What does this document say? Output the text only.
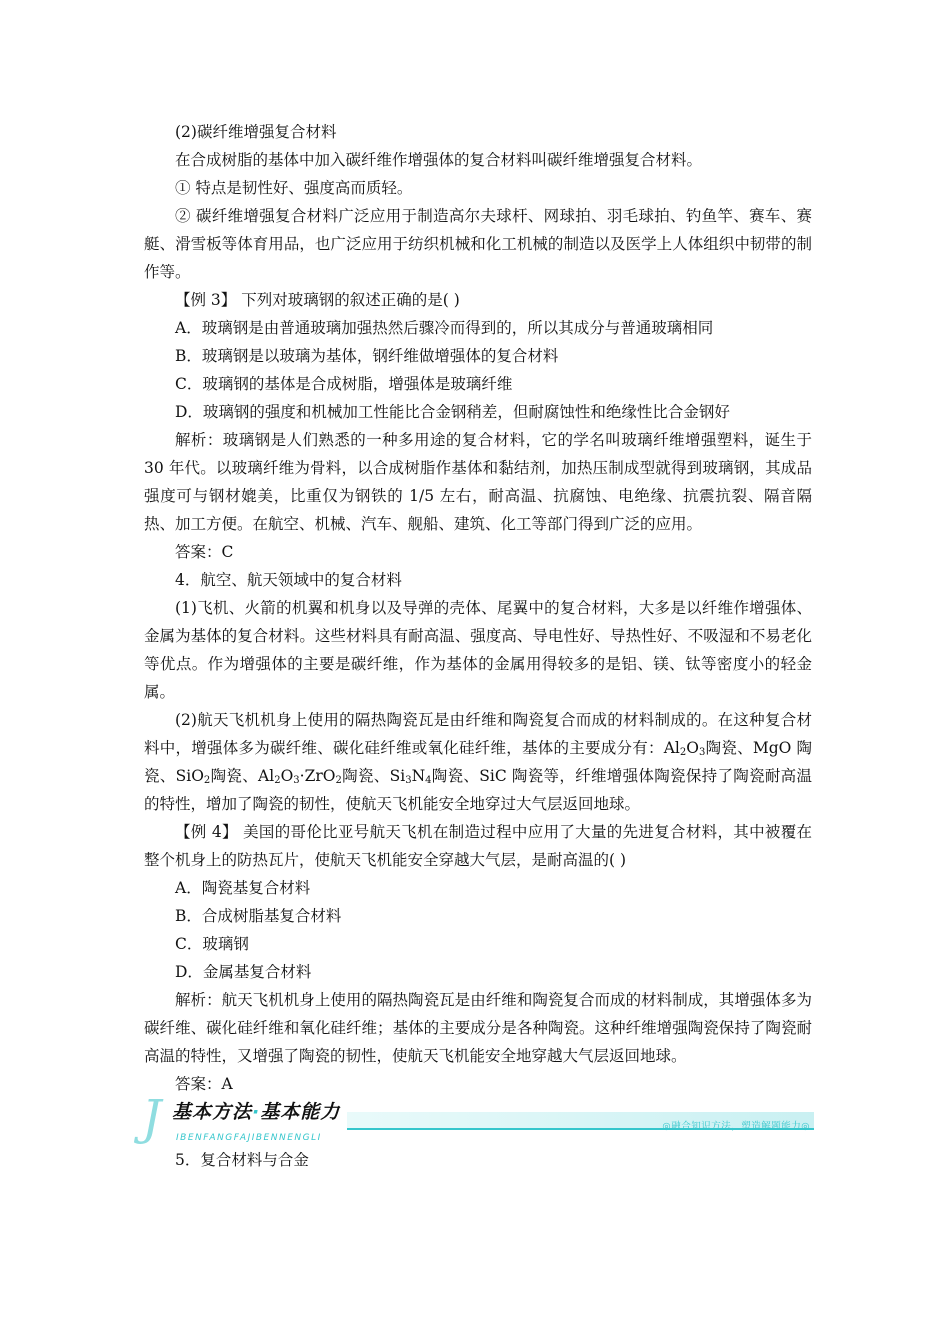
(2)碳纤维增强复合材料

在合成树脂的基体中加入碳纤维作增强体的复合材料叫碳纤维增强复合材料。

① 特点是韧性好、强度高而质轻。

② 碳纤维增强复合材料广泛应用于制造高尔夫球杆、网球拍、羽毛球拍、钓鱼竿、赛车、赛艇、滑雪板等体育用品，也广泛应用于纺织机械和化工机械的制造以及医学上人体组织中韧带的制作等。

【例 3】 下列对玻璃钢的叙述正确的是( )

A．玻璃钢是由普通玻璃加强热然后骤冷而得到的，所以其成分与普通玻璃相同

B．玻璃钢是以玻璃为基体，钢纤维做增强体的复合材料

C．玻璃钢的基体是合成树脂，增强体是玻璃纤维

D．玻璃钢的强度和机械加工性能比合金钢稍差，但耐腐蚀性和绝缘性比合金钢好

解析：玻璃钢是人们熟悉的一种多用途的复合材料，它的学名叫玻璃纤维增强塑料，诞生于 30 年代。以玻璃纤维为骨料，以合成树脂作基体和黏结剂，加热压制成型就得到玻璃钢，其成品强度可与钢材媲美，比重仅为钢铁的 1/5 左右，耐高温、抗腐蚀、电绝缘、抗震抗裂、隔音隔热、加工方便。在航空、机械、汽车、舰船、建筑、化工等部门得到广泛的应用。

答案：C

4．航空、航天领域中的复合材料

(1)飞机、火箭的机翼和机身以及导弹的壳体、尾翼中的复合材料，大多是以纤维作增强体、金属为基体的复合材料。这些材料具有耐高温、强度高、导电性好、导热性好、不吸湿和不易老化等优点。作为增强体的主要是碳纤维，作为基体的金属用得较多的是铝、镁、钛等密度小的轻金属。

(2)航天飞机机身上使用的隔热陶瓷瓦是由纤维和陶瓷复合而成的材料制成的。在这种复合材料中，增强体多为碳纤维、碳化硅纤维或氧化硅纤维，基体的主要成分有：$Al_2O_3$陶瓷、MgO 陶瓷、SiO$_2$陶瓷、$Al_2O_3\cdot ZrO_2$陶瓷、$Si_3N_4$陶瓷、SiC 陶瓷等，纤维增强体陶瓷保持了陶瓷耐高温的特性，增加了陶瓷的韧性，使航天飞机能安全地穿过大气层返回地球。

【例 4】 美国的哥伦比亚号航天飞机在制造过程中应用了大量的先进复合材料，其中被覆在整个机身上的防热瓦片，使航天飞机能安全穿越大气层，是耐高温的( )

A．陶瓷基复合材料

B．合成树脂基复合材料

C．玻璃钢

D．金属基复合材料

解析：航天飞机机身上使用的隔热陶瓷瓦是由纤维和陶瓷复合而成的材料制成，其增强体多为碳纤维、碳化硅纤维和氧化硅纤维；基体的主要成分是各种陶瓷。这种纤维增强陶瓷保持了陶瓷耐高温的特性，又增强了陶瓷的韧性，使航天飞机能安全地穿越大气层返回地球。

答案：A

J 基本方法·基本能力
IBENFANGFAJIBENNENGLI
◎融合知识方法，塑造解题能力◎

5．复合材料与合金
